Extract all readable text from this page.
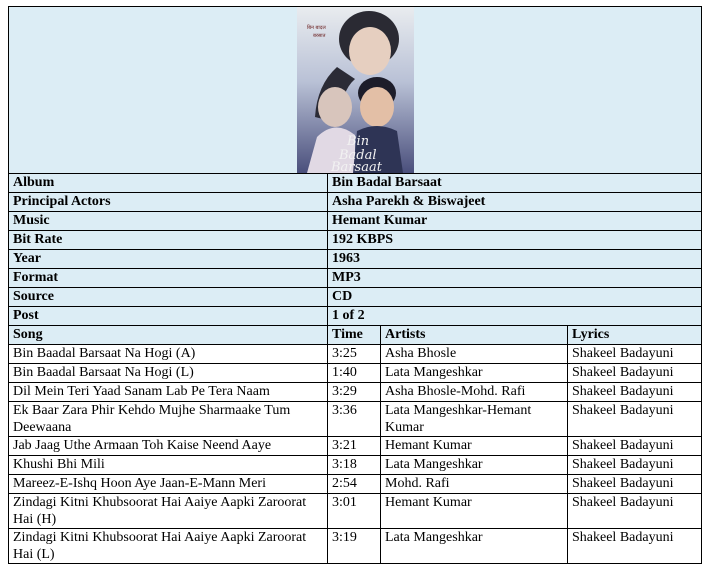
बिन बादल
बरसात
Bin
Badal
Barsaat			

Album	Bin Badal Barsaat		
Principal Actors	Asha Parekh & Biswajeet		
Music	Hemant Kumar		
Bit Rate	192 KBPS		
Year	1963		
Format	MP3		
Source	CD		
Post	1 of 2		
Song	Time	Artists	Lyrics
Bin Baadal Barsaat Na Hogi (A)	3:25	Asha Bhosle	Shakeel Badayuni
Bin Baadal Barsaat Na Hogi (L)	1:40	Lata Mangeshkar	Shakeel Badayuni
Dil Mein Teri Yaad Sanam Lab Pe Tera Naam	3:29	Asha Bhosle-Mohd. Rafi	Shakeel Badayuni
Ek Baar Zara Phir Kehdo Mujhe Sharmaake Tum Deewaana	3:36	Lata Mangeshkar-Hemant Kumar	Shakeel Badayuni
Jab Jaag Uthe Armaan Toh Kaise Neend Aaye	3:21	Hemant Kumar	Shakeel Badayuni
Khushi Bhi Mili	3:18	Lata Mangeshkar	Shakeel Badayuni
Mareez-E-Ishq Hoon Aye Jaan-E-Mann Meri	2:54	Mohd. Rafi	Shakeel Badayuni
Zindagi Kitni Khubsoorat Hai Aaiye Aapki Zaroorat Hai (H)	3:01	Hemant Kumar	Shakeel Badayuni
Zindagi Kitni Khubsoorat Hai Aaiye Aapki Zaroorat Hai (L)	3:19	Lata Mangeshkar	Shakeel Badayuni
